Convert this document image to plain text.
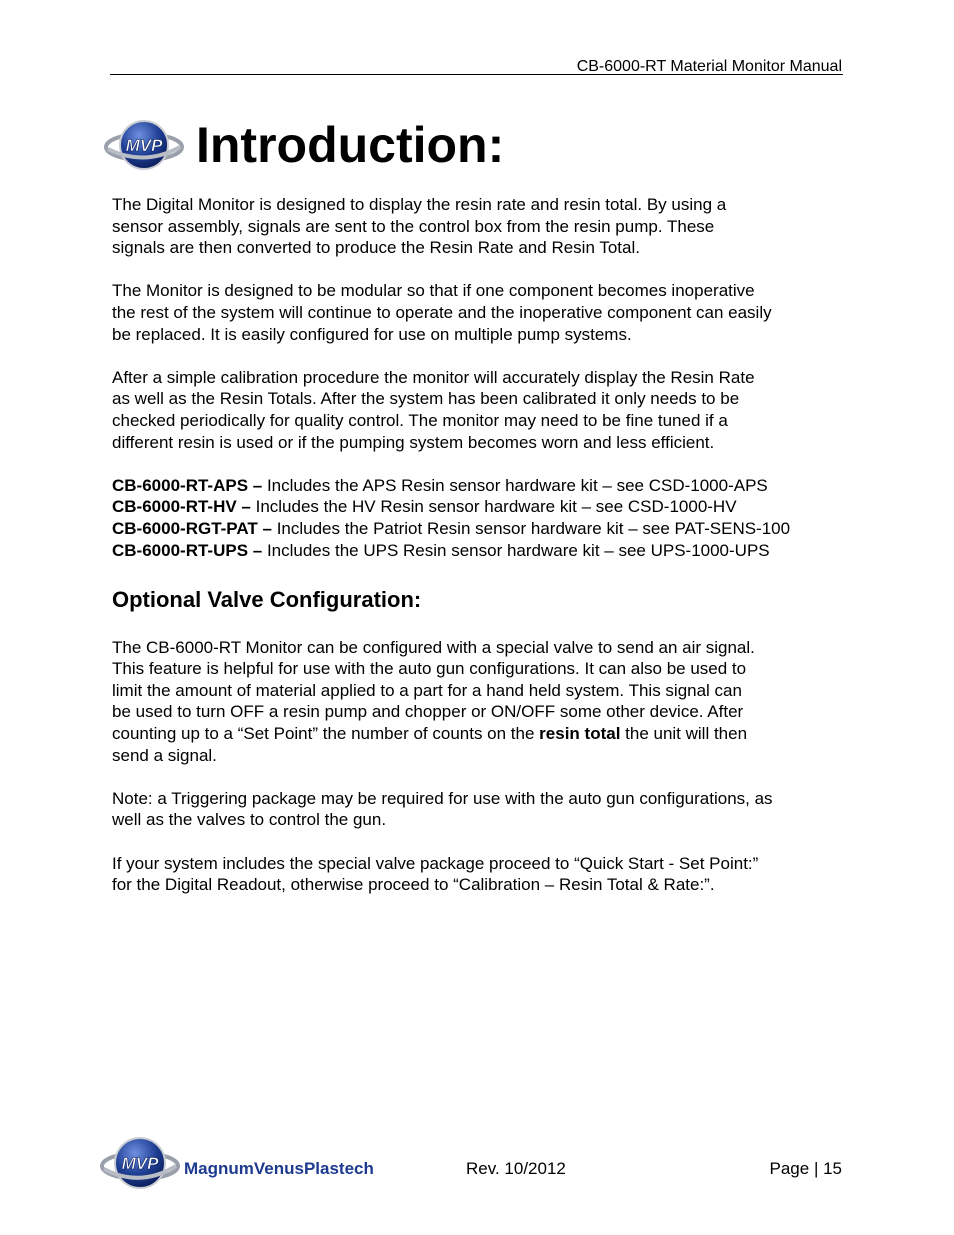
CB-6000-RT Material Monitor Manual
MVP Introduction:

The Digital Monitor is designed to display the resin rate and resin total. By using a
sensor assembly, signals are sent to the control box from the resin pump. These
signals are then converted to produce the Resin Rate and Resin Total.

The Monitor is designed to be modular so that if one component becomes inoperative
the rest of the system will continue to operate and the inoperative component can easily
be replaced. It is easily configured for use on multiple pump systems.

After a simple calibration procedure the monitor will accurately display the Resin Rate
as well as the Resin Totals. After the system has been calibrated it only needs to be
checked periodically for quality control. The monitor may need to be fine tuned if a
different resin is used or if the pumping system becomes worn and less efficient.

CB-6000-RT-APS – Includes the APS Resin sensor hardware kit – see CSD-1000-APS

CB-6000-RT-HV – Includes the HV Resin sensor hardware kit – see CSD-1000-HV

CB-6000-RGT-PAT – Includes the Patriot Resin sensor hardware kit – see PAT-SENS-100

CB-6000-RT-UPS – Includes the UPS Resin sensor hardware kit – see UPS-1000-UPS

Optional Valve Configuration:

The CB-6000-RT Monitor can be configured with a special valve to send an air signal.
This feature is helpful for use with the auto gun configurations. It can also be used to
limit the amount of material applied to a part for a hand held system. This signal can
be used to turn OFF a resin pump and chopper or ON/OFF some other device. After
counting up to a “Set Point” the number of counts on the resin total the unit will then
send a signal.

Note: a Triggering package may be required for use with the auto gun configurations, as
well as the valves to control the gun.

If your system includes the special valve package proceed to “Quick Start - Set Point:”
for the Digital Readout, otherwise proceed to “Calibration – Resin Total & Rate:”.

MVP MagnumVenusPlastech	Rev. 10/2012	Page | 15
